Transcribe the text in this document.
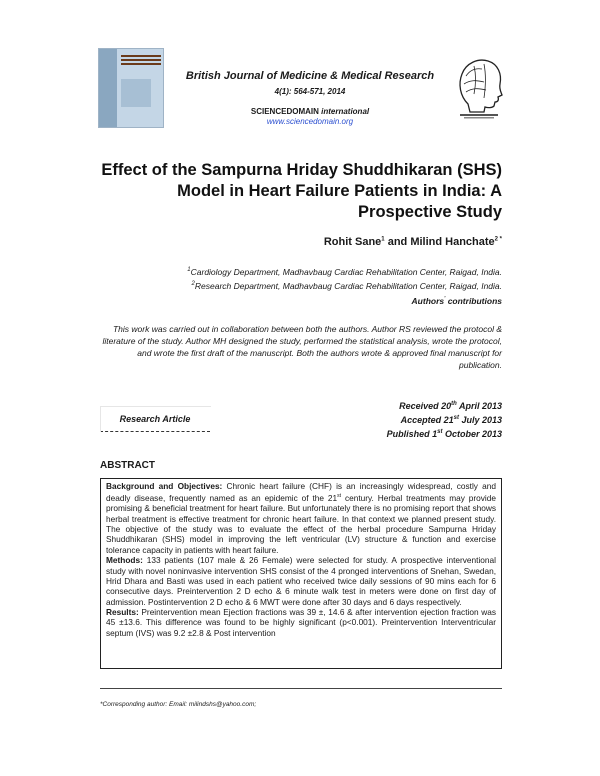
British Journal of Medicine & Medical Research
4(1): 564-571, 2014
SCIENCEDOMAIN international
www.sciencedomain.org
Effect of the Sampurna Hriday Shuddhikaran (SHS) Model in Heart Failure Patients in India: A Prospective Study
Rohit Sane$^1$ and Milind Hanchate$^{2 *}$
$^1$Cardiology Department, Madhavbaug Cardiac Rehabilitation Center, Raigad, India.
$^2$Research Department, Madhavbaug Cardiac Rehabilitation Center, Raigad, India.
Authors' contributions
This work was carried out in collaboration between both the authors. Author RS reviewed the protocol & literature of the study. Author MH designed the study, performed the statistical analysis, wrote the protocol, and wrote the first draft of the manuscript. Both the authors wrote & approved final manuscript for publication.
Research Article
Received 20th April 2013
Accepted 21st July 2013
Published 1st October 2013
ABSTRACT

Background and Objectives: Chronic heart failure (CHF) is an increasingly widespread, costly and deadly disease, frequently named as an epidemic of the 21st century. Herbal treatments may provide promising & beneficial treatment for heart failure. But unfortunately there is no promising report that shows herbal treatment is effective treatment for chronic heart failure. In that context we planned present study. The objective of the study was to evaluate the effect of the herbal procedure Sampurna Hriday Shuddhikaran (SHS) model in improving the left ventricular (LV) structure & function and exercise tolerance capacity in patients with heart failure.

Methods: 133 patients (107 male & 26 Female) were selected for study. A prospective interventional study with novel noninvasive intervention SHS consist of the 4 pronged interventions of Snehan, Swedan, Hrid Dhara and Basti was used in each patient who received twice daily sessions of 90 mins each for 6 consecutive days. Preintervention 2 D echo & 6 minute walk test in meters were done on first day of admission. Postintervention 2 D echo & 6 MWT were done after 30 days and 6 days respectively.

Results: Preintervention mean Ejection fractions was 39 ±, 14.6 & after intervention ejection fraction was 45 ±13.6. This difference was found to be highly significant (p<0.001). Preintervention Interventricular septum (IVS) was 9.2 ±2.8 & Post intervention

*Corresponding author: Email: milindshs@yahoo.com;
